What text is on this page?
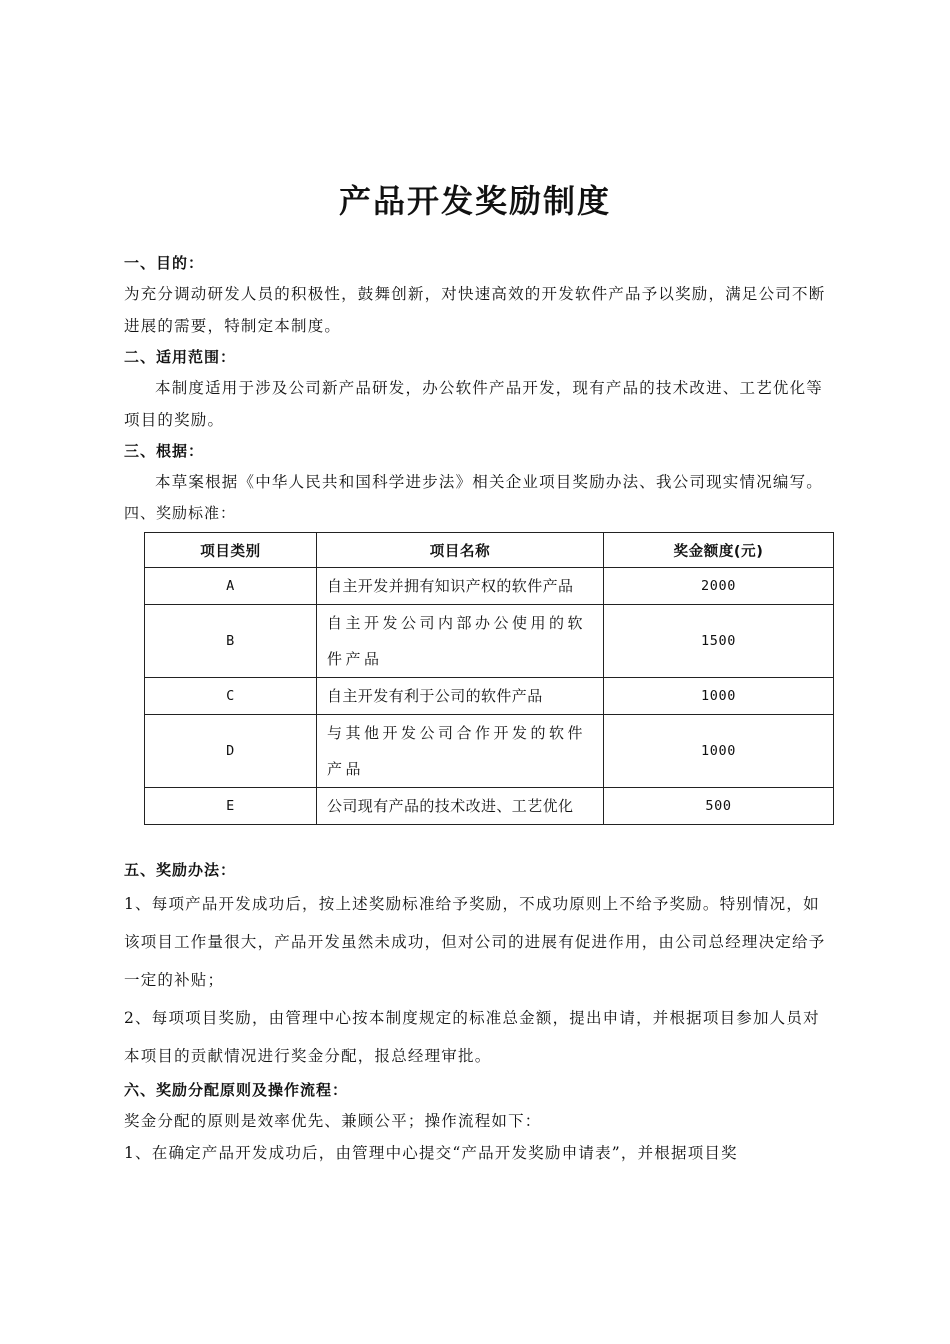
产品开发奖励制度
一、目的：

为充分调动研发人员的积极性，鼓舞创新，对快速高效的开发软件产品予以奖励，满足公司不断进展的需要，特制定本制度。

二、适用范围：

本制度适用于涉及公司新产品研发，办公软件产品开发，现有产品的技术改进、工艺优化等项目的奖励。

三、根据：

本草案根据《中华人民共和国科学进步法》相关企业项目奖励办法、我公司现实情况编写。

四、奖励标准：
项目类别	项目名称	奖金额度(元)
A	自主开发并拥有知识产权的软件产品	2000
B	自主开发公司内部办公使用的软件产品	1500
C	自主开发有利于公司的软件产品	1000
D	与其他开发公司合作开发的软件产品	1000
E	公司现有产品的技术改进、工艺优化	500
五、奖励办法：

1、每项产品开发成功后，按上述奖励标准给予奖励，不成功原则上不给予奖励。特别情况，如该项目工作量很大，产品开发虽然未成功，但对公司的进展有促进作用，由公司总经理决定给予一定的补贴；

2、每项项目奖励，由管理中心按本制度规定的标准总金额，提出申请，并根据项目参加人员对本项目的贡献情况进行奖金分配，报总经理审批。

六、奖励分配原则及操作流程：

奖金分配的原则是效率优先、兼顾公平；操作流程如下：

1、在确定产品开发成功后，由管理中心提交“产品开发奖励申请表”，并根据项目奖
